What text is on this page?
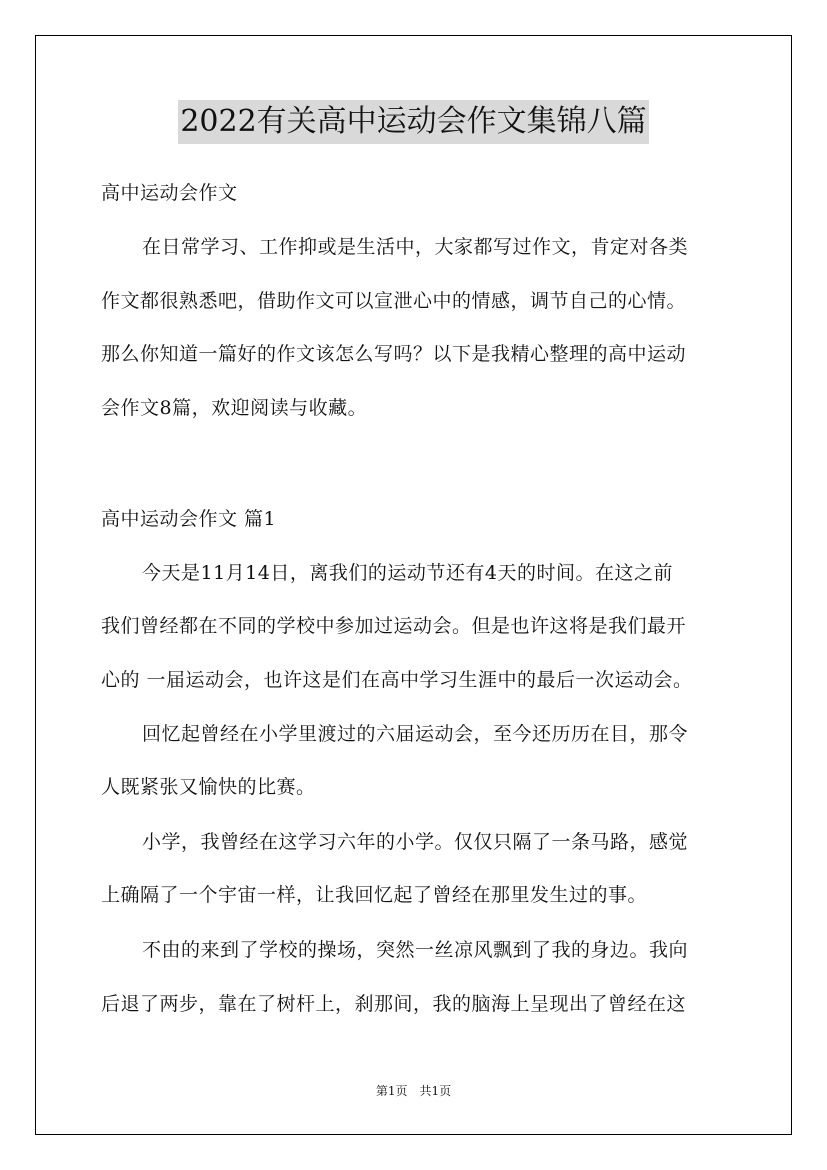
2022有关高中运动会作文集锦八篇
高中运动会作文
在日常学习、工作抑或是生活中，大家都写过作文，肯定对各类
作文都很熟悉吧，借助作文可以宣泄心中的情感，调节自己的心情。
那么你知道一篇好的作文该怎么写吗？以下是我精心整理的高中运动
会作文8篇，欢迎阅读与收藏。
高中运动会作文 篇1
今天是11月14日，离我们的运动节还有4天的时间。在这之前
我们曾经都在不同的学校中参加过运动会。但是也许这将是我们最开
心的 一届运动会，也许这是们在高中学习生涯中的最后一次运动会。
回忆起曾经在小学里渡过的六届运动会，至今还历历在目，那令
人既紧张又愉快的比赛。
小学，我曾经在这学习六年的小学。仅仅只隔了一条马路，感觉
上确隔了一个宇宙一样，让我回忆起了曾经在那里发生过的事。
不由的来到了学校的操场，突然一丝凉风飘到了我的身边。我向
后退了两步，靠在了树杆上，刹那间，我的脑海上呈现出了曾经在这
第1页　共1页
